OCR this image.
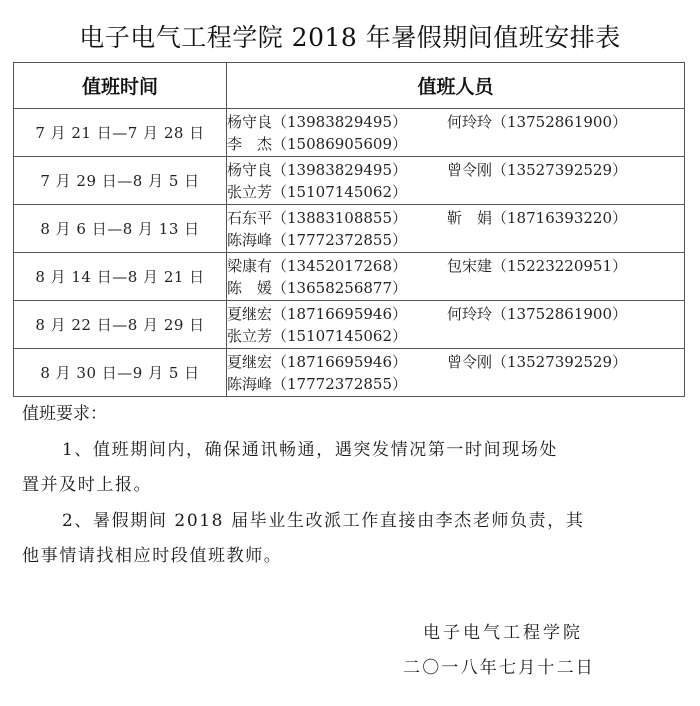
电子电气工程学院 2018 年暑假期间值班安排表
值班时间	值班人员
7 月 21 日—7 月 28 日	杨守良（13983829495） 何玲玲（13752861900）
李　杰（15086905609）

7 月 29 日—8 月 5 日	杨守良（13983829495） 曾令刚（13527392529）
张立芳（15107145062）

8 月 6 日—8 月 13 日	石东平（13883108855） 靳　娟（18716393220）
陈海峰（17772372855）

8 月 14 日—8 月 21 日	梁康有（13452017268） 包宋建（15223220951）
陈　媛（13658256877）

8 月 22 日—8 月 29 日	夏继宏（18716695946） 何玲玲（13752861900）
张立芳（15107145062）

8 月 30 日—9 月 5 日	夏继宏（18716695946） 曾令刚（13527392529）
陈海峰（17772372855）
值班要求：
1、值班期间内，确保通讯畅通，遇突发情况第一时间现场处
置并及时上报。
2、暑假期间 2018 届毕业生改派工作直接由李杰老师负责，其
他事情请找相应时段值班教师。
电子电气工程学院
二〇一八年七月十二日
